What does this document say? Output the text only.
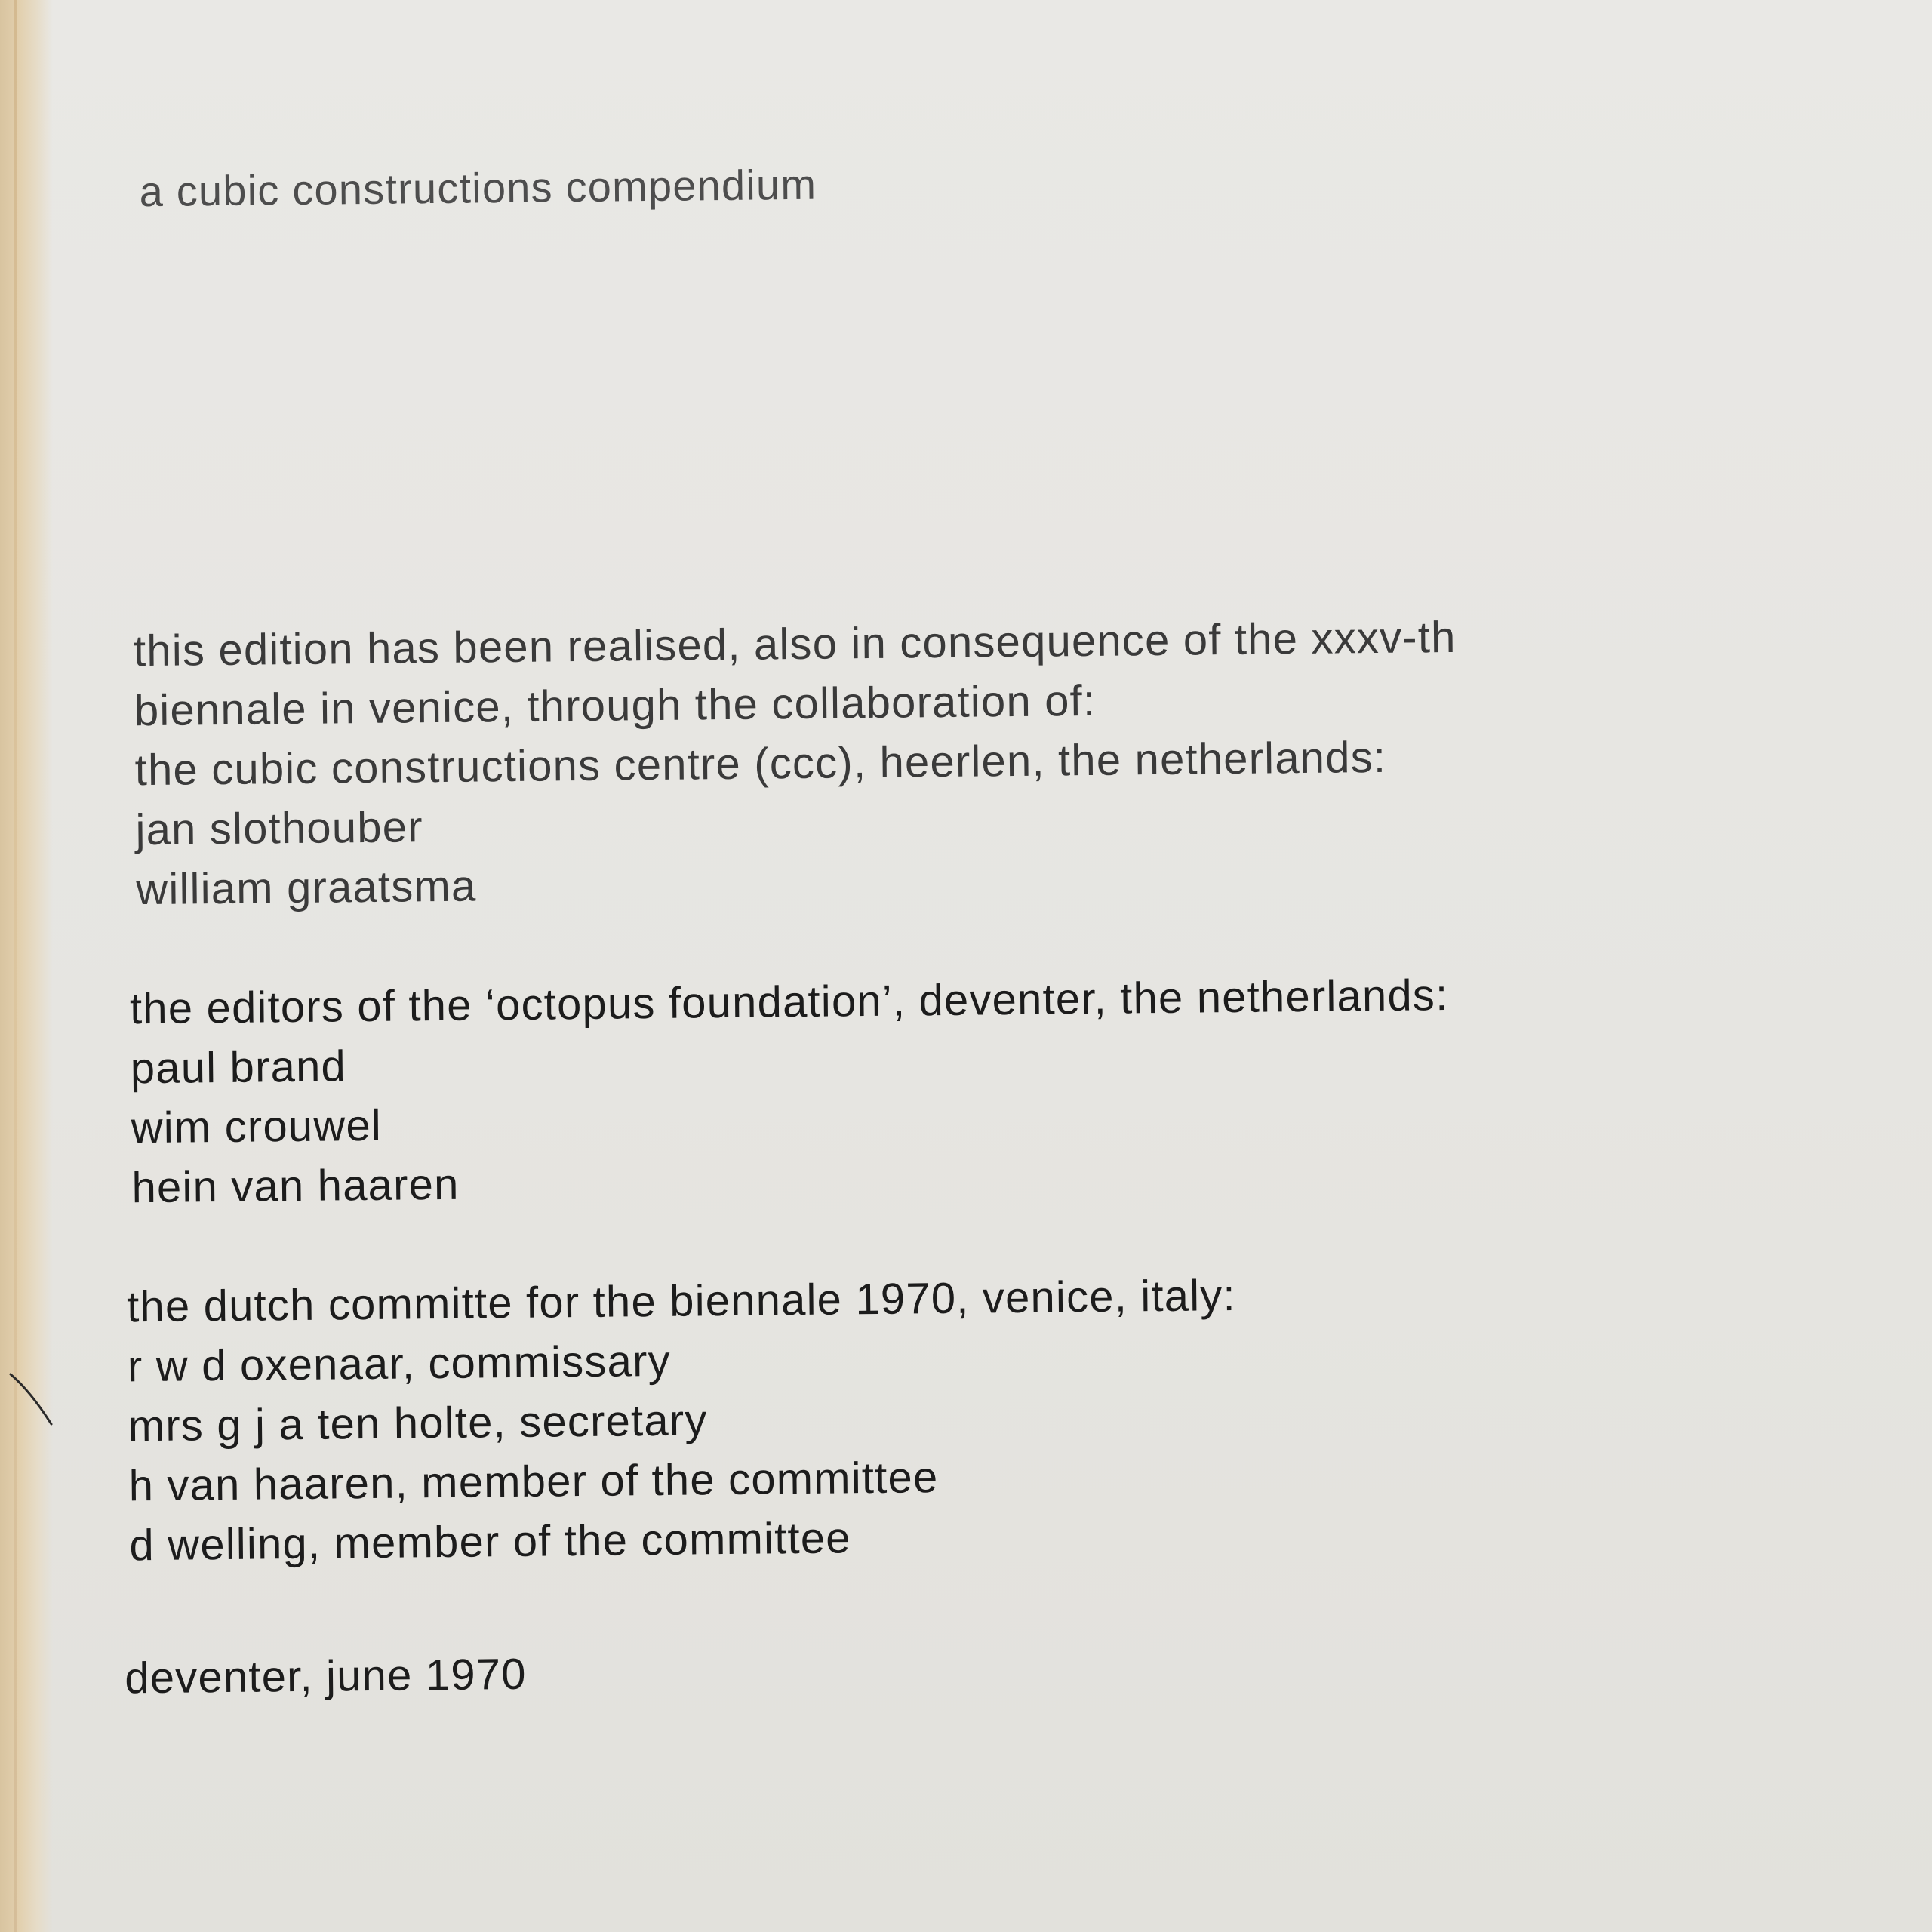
a cubic constructions compendium
this edition has been realised, also in consequence of the xxxv-th
biennale in venice, through the collaboration of:
the cubic constructions centre (ccc), heerlen, the netherlands:
jan slothouber
william graatsma
the editors of the ‘octopus foundation’, deventer, the netherlands:
paul brand
wim crouwel
hein van haaren
the dutch committe for the biennale 1970, venice, italy:
r w d oxenaar, commissary
mrs g j a ten holte, secretary
h van haaren, member of the committee
d welling, member of the committee
deventer, june 1970
